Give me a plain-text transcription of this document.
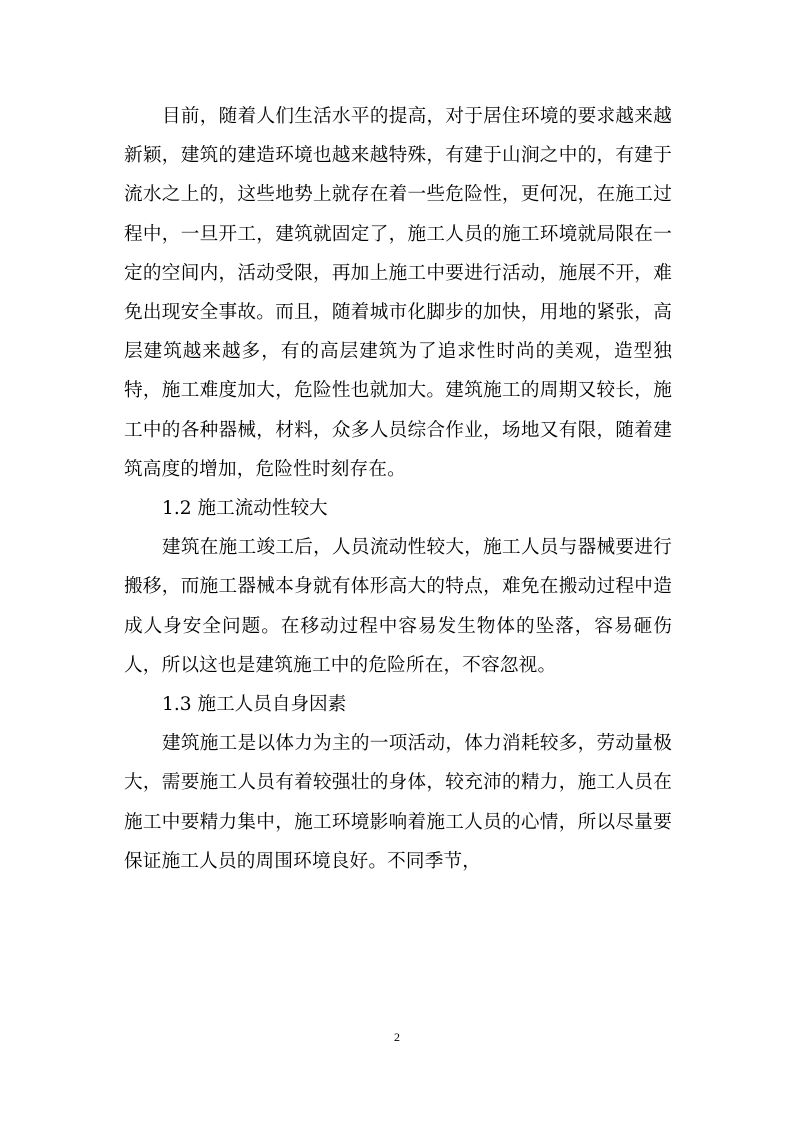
目前，随着人们生活水平的提高，对于居住环境的要求越来越新颖，建筑的建造环境也越来越特殊，有建于山涧之中的，有建于流水之上的，这些地势上就存在着一些危险性，更何况，在施工过程中，一旦开工，建筑就固定了，施工人员的施工环境就局限在一定的空间内，活动受限，再加上施工中要进行活动，施展不开，难免出现安全事故。而且，随着城市化脚步的加快，用地的紧张，高层建筑越来越多，有的高层建筑为了追求性时尚的美观，造型独特，施工难度加大，危险性也就加大。建筑施工的周期又较长，施工中的各种器械，材料，众多人员综合作业，场地又有限，随着建筑高度的增加，危险性时刻存在。

1.2 施工流动性较大

建筑在施工竣工后，人员流动性较大，施工人员与器械要进行搬移，而施工器械本身就有体形高大的特点，难免在搬动过程中造成人身安全问题。在移动过程中容易发生物体的坠落，容易砸伤人，所以这也是建筑施工中的危险所在，不容忽视。

1.3 施工人员自身因素

建筑施工是以体力为主的一项活动，体力消耗较多，劳动量极大，需要施工人员有着较强壮的身体，较充沛的精力，施工人员在施工中要精力集中，施工环境影响着施工人员的心情，所以尽量要保证施工人员的周围环境良好。不同季节，

2
